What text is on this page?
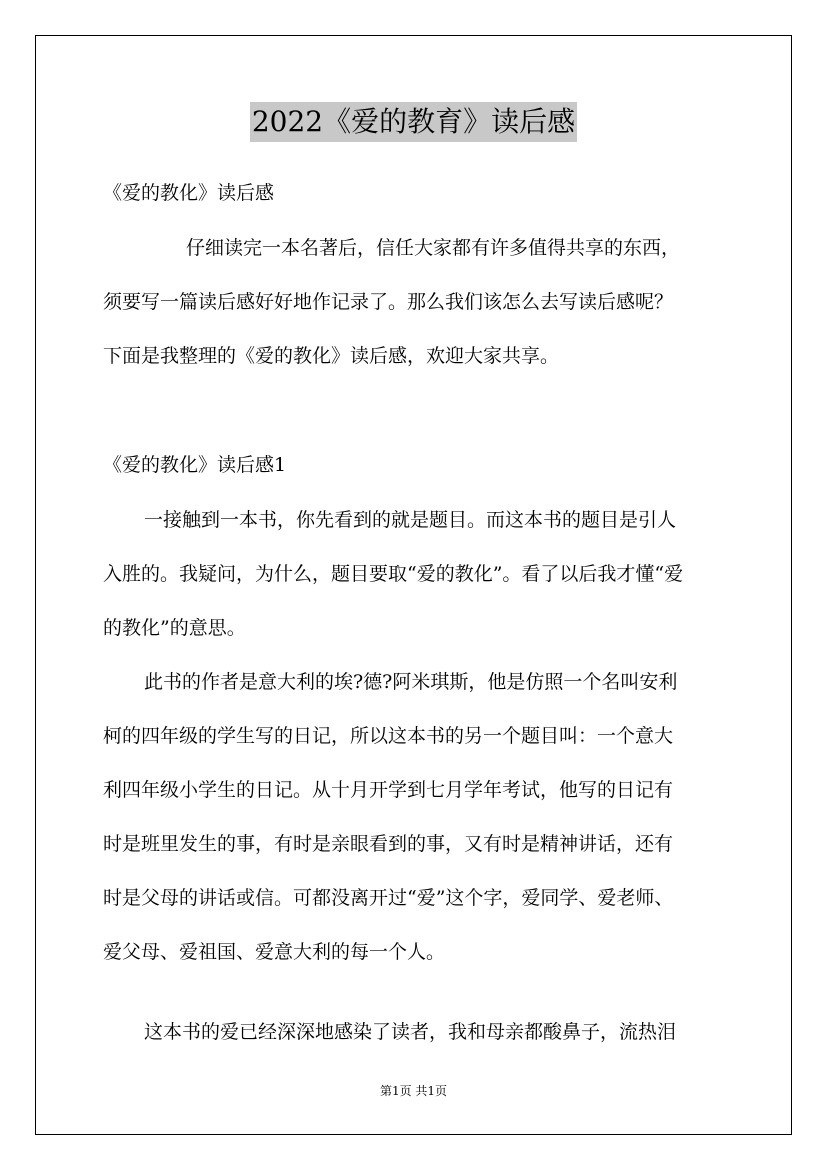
2022《爱的教育》读后感
《爱的教化》读后感
仔细读完一本名著后，信任大家都有许多值得共享的东西，
须要写一篇读后感好好地作记录了。那么我们该怎么去写读后感呢？
下面是我整理的《爱的教化》读后感，欢迎大家共享。
《爱的教化》读后感1
一接触到一本书，你先看到的就是题目。而这本书的题目是引人
入胜的。我疑问，为什么，题目要取“爱的教化”。看了以后我才懂“爱
的教化”的意思。
此书的作者是意大利的埃?德?阿米琪斯，他是仿照一个名叫安利
柯的四年级的学生写的日记，所以这本书的另一个题目叫：一个意大
利四年级小学生的日记。从十月开学到七月学年考试，他写的日记有
时是班里发生的事，有时是亲眼看到的事，又有时是精神讲话，还有
时是父母的讲话或信。可都没离开过“爱”这个字，爱同学、爱老师、
爱父母、爱祖国、爱意大利的每一个人。
这本书的爱已经深深地感染了读者，我和母亲都酸鼻子，流热泪
第1页 共1页
